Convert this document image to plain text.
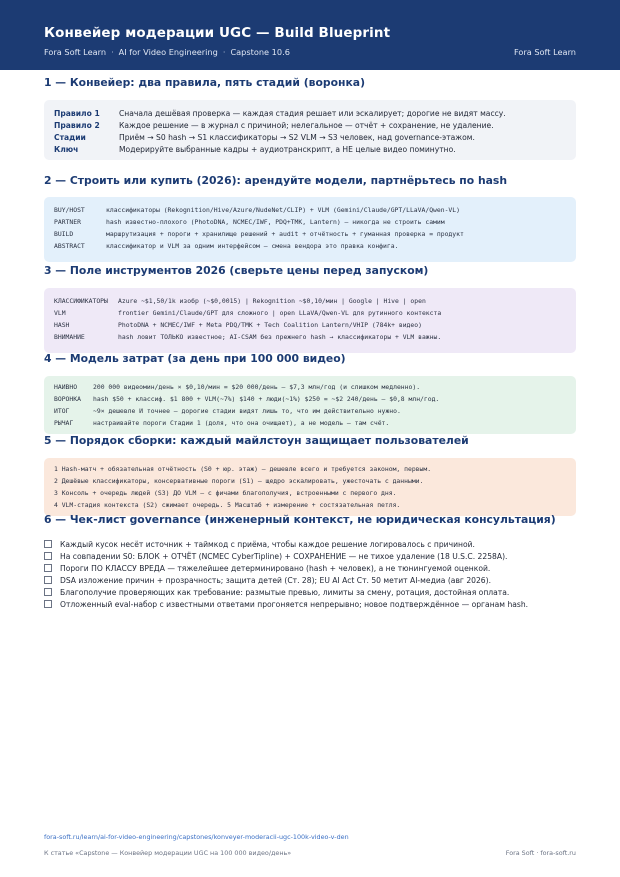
Конвейер модерации UGC — Build Blueprint
Fora Soft Learn · AI for Video Engineering · Capstone 10.6	Fora Soft Learn
1 — Конвейер: два правила, пять стадий (воронка)
Правило 1	Сначала дешёвая проверка — каждая стадия решает или эскалирует; дорогие не видят массу.
Правило 2	Каждое решение — в журнал с причиной; нелегальное — отчёт + сохранение, не удаление.
Стадии	Приём → S0 hash → S1 классификаторы → S2 VLM → S3 человек, над governance-этажом.
Ключ	Модерируйте выбранные кадры + аудиотранскрипт, а НЕ целые видео поминутно.
2 — Строить или купить (2026): арендуйте модели, партнёрьтесь по hash
BUY/HOST	классификаторы (Rekognition/Hive/Azure/NudeNet/CLIP) + VLM (Gemini/Claude/GPT/LLaVA/Qwen-VL)
PARTNER	hash известно-плохого (PhotoDNA, NCMEC/IWF, PDQ+TMK, Lantern) — никогда не строить самим
BUILD	маршрутизация + пороги + хранилище решений + audit + отчётность + гуманная проверка = продукт
ABSTRACT	классификатор и VLM за одним интерфейсом — смена вендора это правка конфига.
3 — Поле инструментов 2026 (сверьте цены перед запуском)
КЛАССИФИКАТОРЫ Azure ~$1,50/1k изобр (~$0,0015) | Rekognition ~$0,10/мин | Google | Hive | open
VLM	frontier Gemini/Claude/GPT для сложного | open LLaVA/Qwen-VL для рутинного контекста
HASH	PhotoDNA + NCMEC/IWF + Meta PDQ/TMK + Tech Coalition Lantern/VHIP (784k+ видео)
ВНИМАНИЕ	hash ловит ТОЛЬКО известное; AI-CSAM без прежнего hash → классификаторы + VLM важны.
4 — Модель затрат (за день при 100 000 видео)
НАИВНО 200 000 видеомин/день × $0,10/мин = $20 000/день — $7,3 млн/год (и слишком медленно).
ВОРОНКА hash $50 + классиф. $1 800 + VLM(~7%) $140 + люди(~1%) $250 = ~$2 240/день — $0,8 млн/год.
ИТОГ	~9× дешевле И точнее — дорогие стадии видят лишь то, что им действительно нужно.
РЫЧАГ	настраивайте пороги Стадии 1 (доля, что она очищает), а не модель — там счёт.
5 — Порядок сборки: каждый майлстоун защищает пользователей
1 Hash-матч + обязательная отчётность (S0 + юр. этаж) — дешевле всего и требуется законом, первым.
2 Дешёвые классификаторы, консервативные пороги (S1) — щедро эскалировать, ужесточать с данными.
3 Консоль + очередь людей (S3) ДО VLM — с фичами благополучия, встроенными с первого дня.
4 VLM-стадия контекста (S2) сжимает очередь. 5 Масштаб + измерение + состязательная петля.
6 — Чек-лист governance (инженерный контекст, не юридическая консультация)
Каждый кусок несёт источник + таймкод с приёма, чтобы каждое решение логировалось с причиной.
На совпадении S0: БЛОК + ОТЧЁТ (NCMEC CyberTipline) + СОХРАНЕНИЕ — не тихое удаление (18 U.S.C. 2258A).
Пороги ПО КЛАССУ ВРЕДА — тяжелейшее детерминировано (hash + человек), а не тюнингуемой оценкой.
DSA изложение причин + прозрачность; защита детей (Ст. 28); EU AI Act Ст. 50 метит AI-медиа (авг 2026).
Благополучие проверяющих как требование: размытые превью, лимиты за смену, ротация, достойная оплата.
Отложенный eval-набор с известными ответами прогоняется непрерывно; новое подтверждённое — органам hash.
fora-soft.ru/learn/ai-for-video-engineering/capstones/konveyer-moderacii-ugc-100k-video-v-den
К статье «Capstone — Конвейер модерации UGC на 100 000 видео/день»	Fora Soft · fora-soft.ru
